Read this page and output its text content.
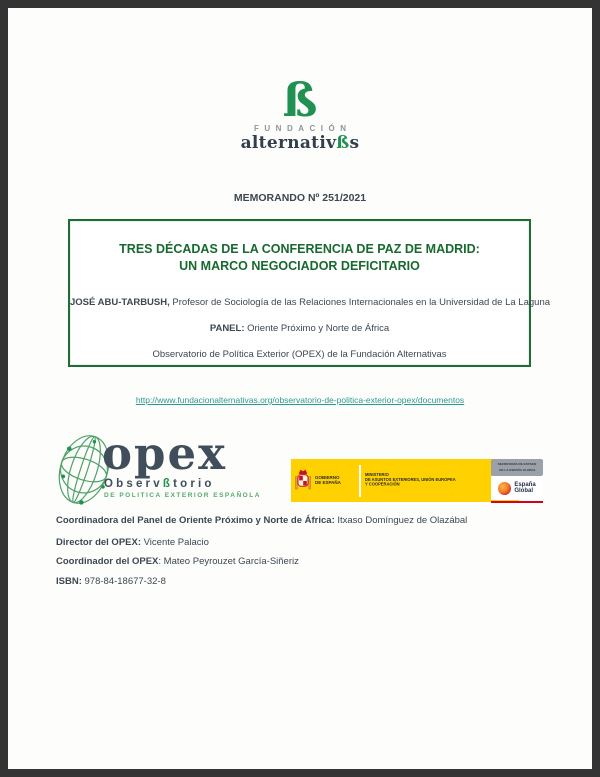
ß
FUNDACIÓN
alternativßs
MEMORANDO Nº 251/2021
TRES DÉCADAS DE LA CONFERENCIA DE PAZ DE MADRID:
UN MARCO NEGOCIADOR DEFICITARIO
JOSÉ ABU-TARBUSH, Profesor de Sociología de las Relaciones Internacionales en la Universidad de La Laguna
PANEL: Oriente Próximo y Norte de África
Observatorio de Política Exterior (OPEX) de la Fundación Alternativas
http://www.fundacionalternativas.org/observatorio-de-politica-exterior-opex/documentos
opex
Observßtorio
DE POLITICA EXTERIOR ESPAÑOLA
GOBIERNO
DE ESPAÑA
MINISTERIO
DE ASUNTOS EXTERIORES, UNIÓN EUROPEA
Y COOPERACIÓN
SECRETARÍA DE ESTADO
DE LA ESPAÑA GLOBAL
España
Global
Coordinadora del Panel de Oriente Próximo y Norte de África: Itxaso Domínguez de Olazábal
Director del OPEX: Vicente Palacio
Coordinador del OPEX: Mateo Peyrouzet García-Siñeriz
ISBN: 978-84-18677-32-8
